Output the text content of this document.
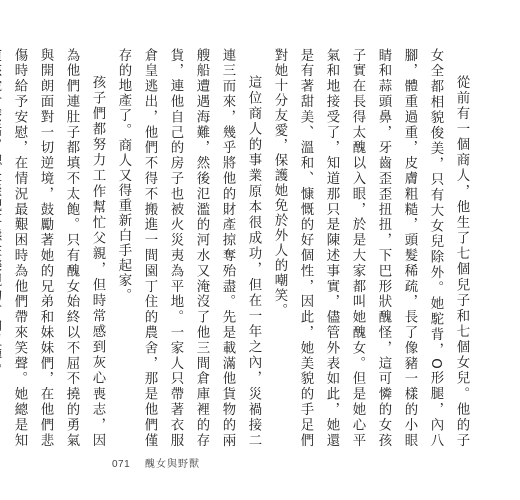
從前有一個商人，他生了七個兒子和七個女兒。他的子女全都相貌俊美，只有大女兒除外。她駝背，O形腿，內八腳，體重過重，皮膚粗糙，頭髮稀疏，長了像豬一樣的小眼睛和蒜頭鼻，牙齒歪歪扭扭，下巴形狀醜怪，這可憐的女孩子實在長得太醜以入眼，於是大家都叫她醜女。但是她心平氣和地接受了，知道那只是陳述事實，儘管外表如此，她還是有著甜美、溫和、慷慨的好個性，因此，她美貌的手足們對她十分友愛，保護她免於外人的嘲笑。

這位商人的事業原本很成功，但在一年之內，災禍接二連三而來，幾乎將他的財產掠奪殆盡。先是載滿他貨物的兩艘船遭遇海難，然後氾濫的河水又淹沒了他三間倉庫裡的存貨，連他自己的房子也被火災夷為平地。一家人只帶著衣服倉皇逃出，他們不得不搬進一間園丁住的農舍，那是他們僅存的地產了。商人又得重新白手起家。

孩子們都努力工作幫忙父親，但時常感到灰心喪志，因為他們連肚子都填不太飽。只有醜女始終以不屈不撓的勇氣與開朗面對一切逆境，鼓勵著她的兄弟和妹妹們，在他們悲傷時給予安慰，在情況最艱困時為他們帶來笑聲。她總是知

071 醜女與野獸
